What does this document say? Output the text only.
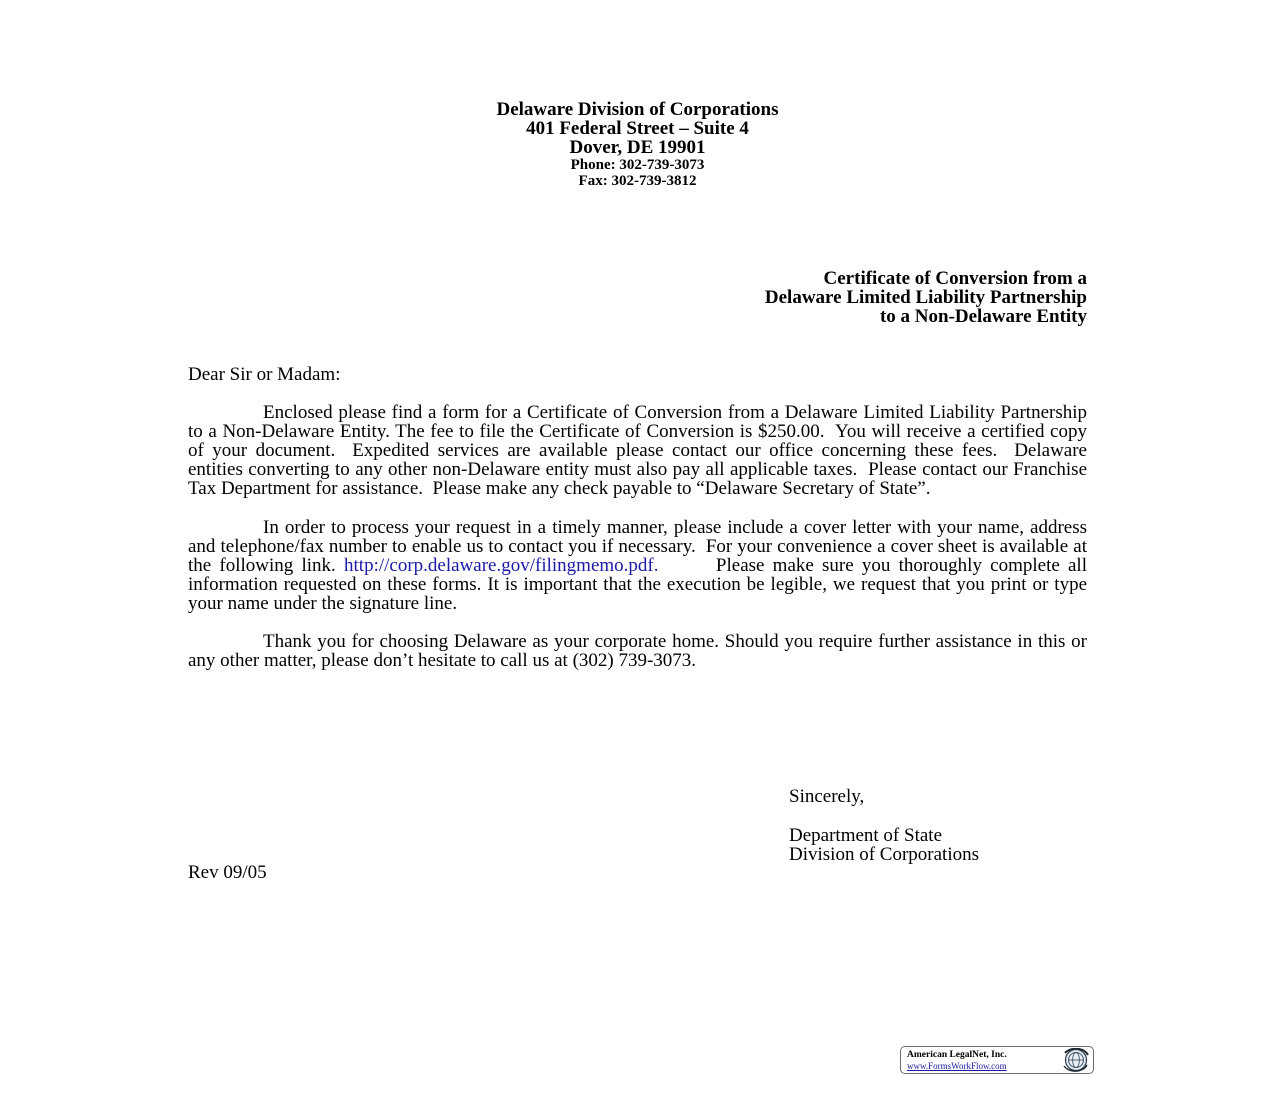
Delaware Division of Corporations
401 Federal Street – Suite 4
Dover, DE 19901
Phone: 302-739-3073
Fax: 302-739-3812
Certificate of Conversion from a
Delaware Limited Liability Partnership
to a Non-Delaware Entity

Dear Sir or Madam:

Enclosed please find a form for a Certificate of Conversion from a Delaware Limited Liability Partnership to a Non-Delaware Entity. The fee to file the Certificate of Conversion is $250.00.  You will receive a certified copy of your document.  Expedited services are available please contact our office concerning these fees.  Delaware entities converting to any other non-Delaware entity must also pay all applicable taxes.  Please contact our Franchise Tax Department for assistance.  Please make any check payable to “Delaware Secretary of State”.

In order to process your request in a timely manner, please include a cover letter with your name, address and telephone/fax number to enable us to contact you if necessary.  For your convenience a cover sheet is available at the following link. http://corp.delaware.gov/filingmemo.pdf.	Please make sure you thoroughly complete all information requested on these forms. It is important that the execution be legible, we request that you print or type your name under the signature line.

Thank you for choosing Delaware as your corporate home. Should you require further assistance in this or any other matter, please don’t hesitate to call us at (302) 739-3073.

Sincerely,
Department of State
Division of Corporations
Rev 09/05
American LegalNet, Inc.
www.FormsWorkFlow.com
